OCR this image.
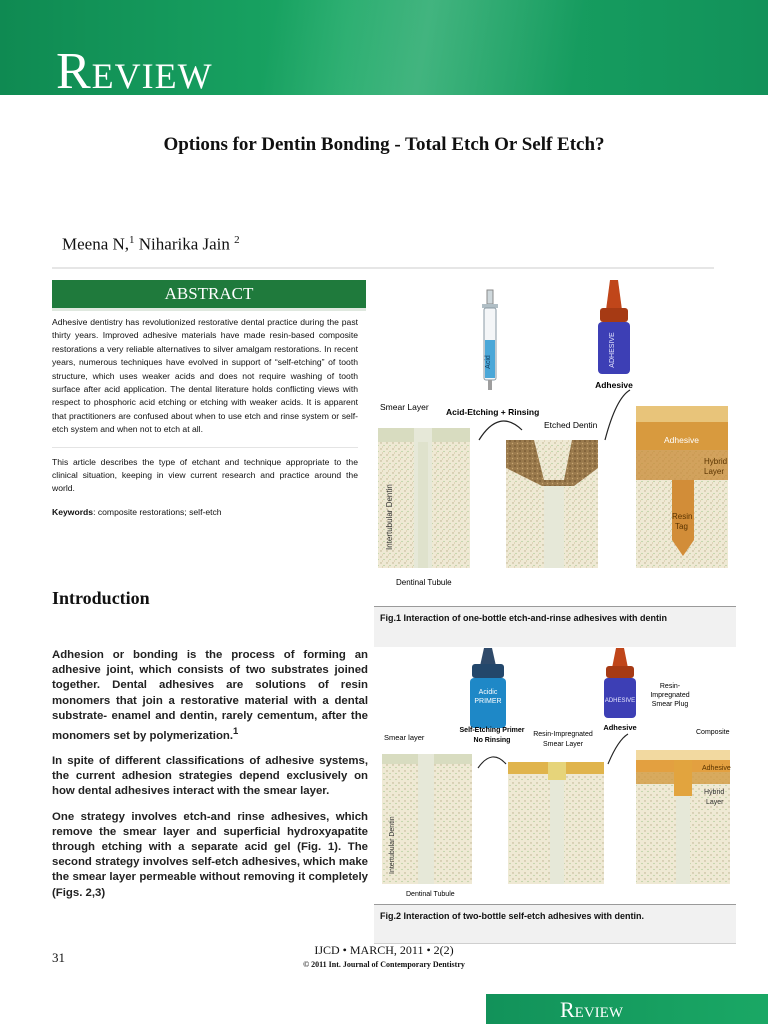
Review
Options for Dentin Bonding - Total Etch Or Self Etch?
Meena N,$^1$ Niharika Jain $^2$
ABSTRACT

Adhesive dentistry has revolutionized restorative dental practice during the past thirty years. Improved adhesive materials have made resin-based composite restorations a very reliable alternatives to silver amalgam restorations. In recent years, numerous techniques have evolved in support of “self-etching” of tooth structure, which uses weaker acids and does not require washing of tooth surface after acid application. The dental literature holds conflicting views with respect to phosphoric acid etching or etching with weaker acids. It is apparent that practitioners are confused about when to use etch and rinse system or self-etch system and when not to etch at all.

This article describes the type of etchant and technique appropriate to the clinical situation, keeping in view current research and practice around the world.

Keywords: composite restorations; self-etch

Introduction

Adhesion or bonding is the process of forming an adhesive joint, which consists of two substrates joined together. Dental adhesives are solutions of resin monomers that join a restorative material with a dental substrate- enamel and dentin, rarely cementum, after the monomers set by polymerization.$^1$

In spite of different classifications of adhesive systems, the current adhesion strategies depend exclusively on how dental adhesives interact with the smear layer.

One strategy involves etch-and rinse adhesives, which remove the smear layer and superficial hydroxyapatite through etching with a separate acid gel (Fig. 1). The second strategy involves self-etch adhesives, which make the smear layer permeable without removing it completely (Figs. 2,3)

Acid	ADHESIVE
Adhesive
Smear Layer Acid-Etching + Rinsing
Etched Dentin
Adhesive
Hybrid
Layer
Resin
Tag
Intertubular Dentin
Dentinal Tubule
Fig.1 Interaction of one-bottle etch-and-rinse adhesives with dentin
Acidic
PRIMER	ADHESIVE
Adhesive
Smear layer
Self-Etching Primer
No Rinsing
Resin-Impregnated
Smear Layer
Resin-
Impregnated
Smear Plug
Composite
Adhesive
Hybrid
Layer
Intertubular Dentin
Dentinal Tubule
Fig.2 Interaction of two-bottle self-etch adhesives with dentin.
31	IJCD • MARCH, 2011 • 2(2)
© 2011 Int. Journal of Contemporary Dentistry
Review
